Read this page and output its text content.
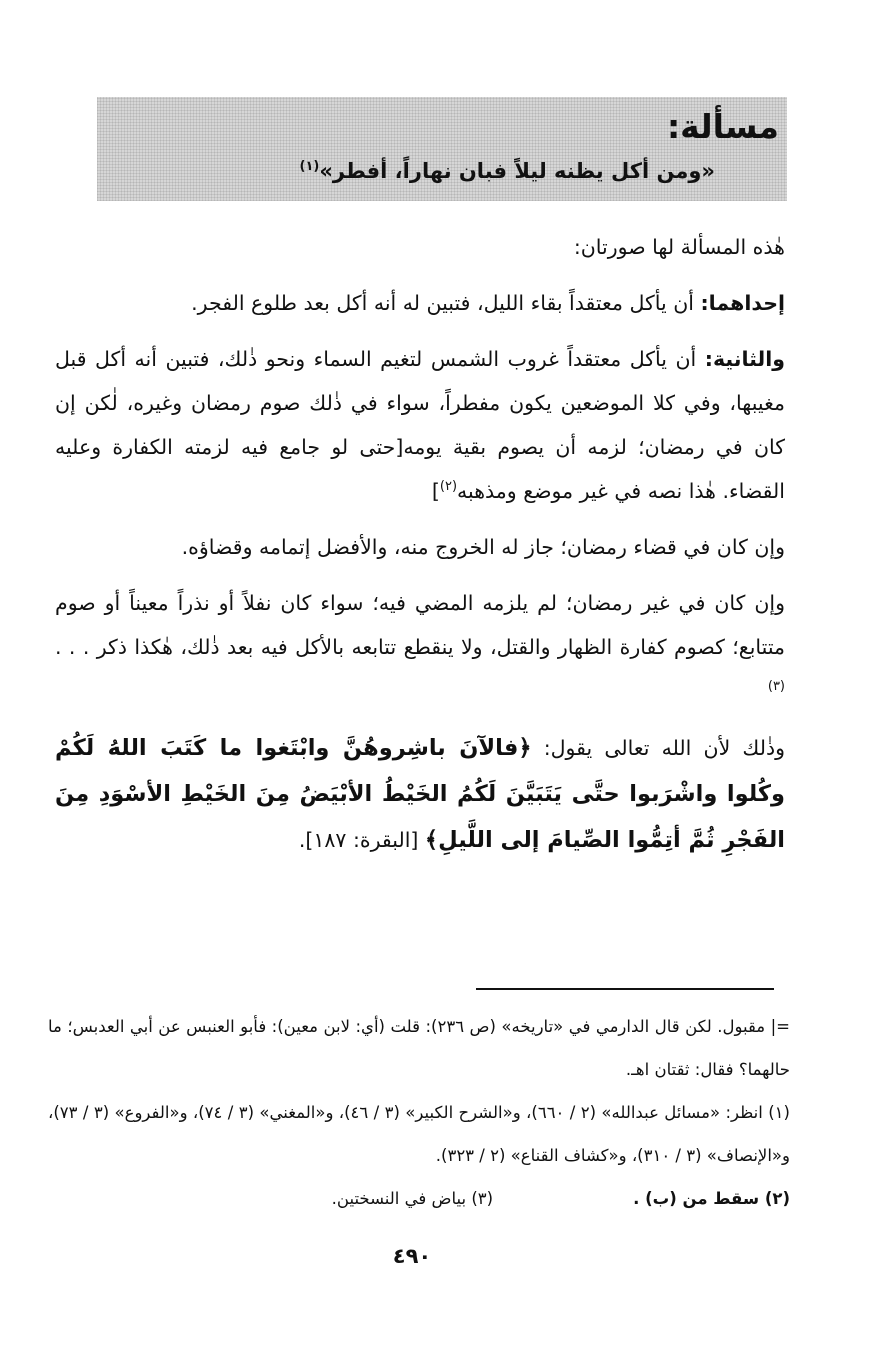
مسألة:
«ومن أكل يظنه ليلاً فبان نهاراً، أفطر»$^{(١)}$

هٰذه المسألة لها صورتان:

إحداهما: أن يأكل معتقداً بقاء الليل، فتبين له أنه أكل بعد طلوع الفجر.

والثانية: أن يأكل معتقداً غروب الشمس لتغيم السماء ونحو ذٰلك، فتبين أنه أكل قبل مغيبها، وفي كلا الموضعين يكون مفطراً، سواء في ذٰلك صوم رمضان وغيره، لٰكن إن كان في رمضان؛ لزمه أن يصوم بقية يومه[حتى لو جامع فيه لزمته الكفارة وعليه القضاء. هٰذا نصه في غير موضع ومذهبه$^{(٢)}$]

وإن كان في قضاء رمضان؛ جاز له الخروج منه، والأفضل إتمامه وقضاؤه.

وإن كان في غير رمضان؛ لم يلزمه المضي فيه؛ سواء كان نفلاً أو نذراً معيناً أو صوم متتابع؛ كصوم كفارة الظهار والقتل، ولا ينقطع تتابعه بالأكل فيه بعد ذٰلك، هٰكذا ذكر . . .$^{(٣)}$

وذٰلك لأن الله تعالى يقول: ﴿فالآنَ باشِروهُنَّ وابْتَغوا ما كَتَبَ اللهُ لَكُمْ وكُلوا واشْرَبوا حتَّى يَتَبَيَّنَ لَكُمُ الخَيْطُ الأبْيَضُ مِنَ الخَيْطِ الأسْوَدِ مِنَ الفَجْرِ ثُمَّ أتِمُّوا الصِّيامَ إلى اللَّيلِ﴾ [البقرة: ١٨٧].

=| مقبول. لكن قال الدارمي في «تاريخه» (ص ٢٣٦): قلت (أي: لابن معين): فأبو العنبس عن أبي العدبس؛ ما حالهما؟ فقال: ثقتان اهـ.

(١) انظر: «مسائل عبدالله» (٢ / ٦٦٠)، و«الشرح الكبير» (٣ / ٤٦)، و«المغني» (٣ / ٧٤)، و«الفروع» (٣ / ٧٣)، و«الإنصاف» (٣ / ٣١٠)، و«كشاف القناع» (٢ / ٣٢٣).

(٢) سقط من (ب) .
(٣) بياض في النسختين.
٤٩٠
